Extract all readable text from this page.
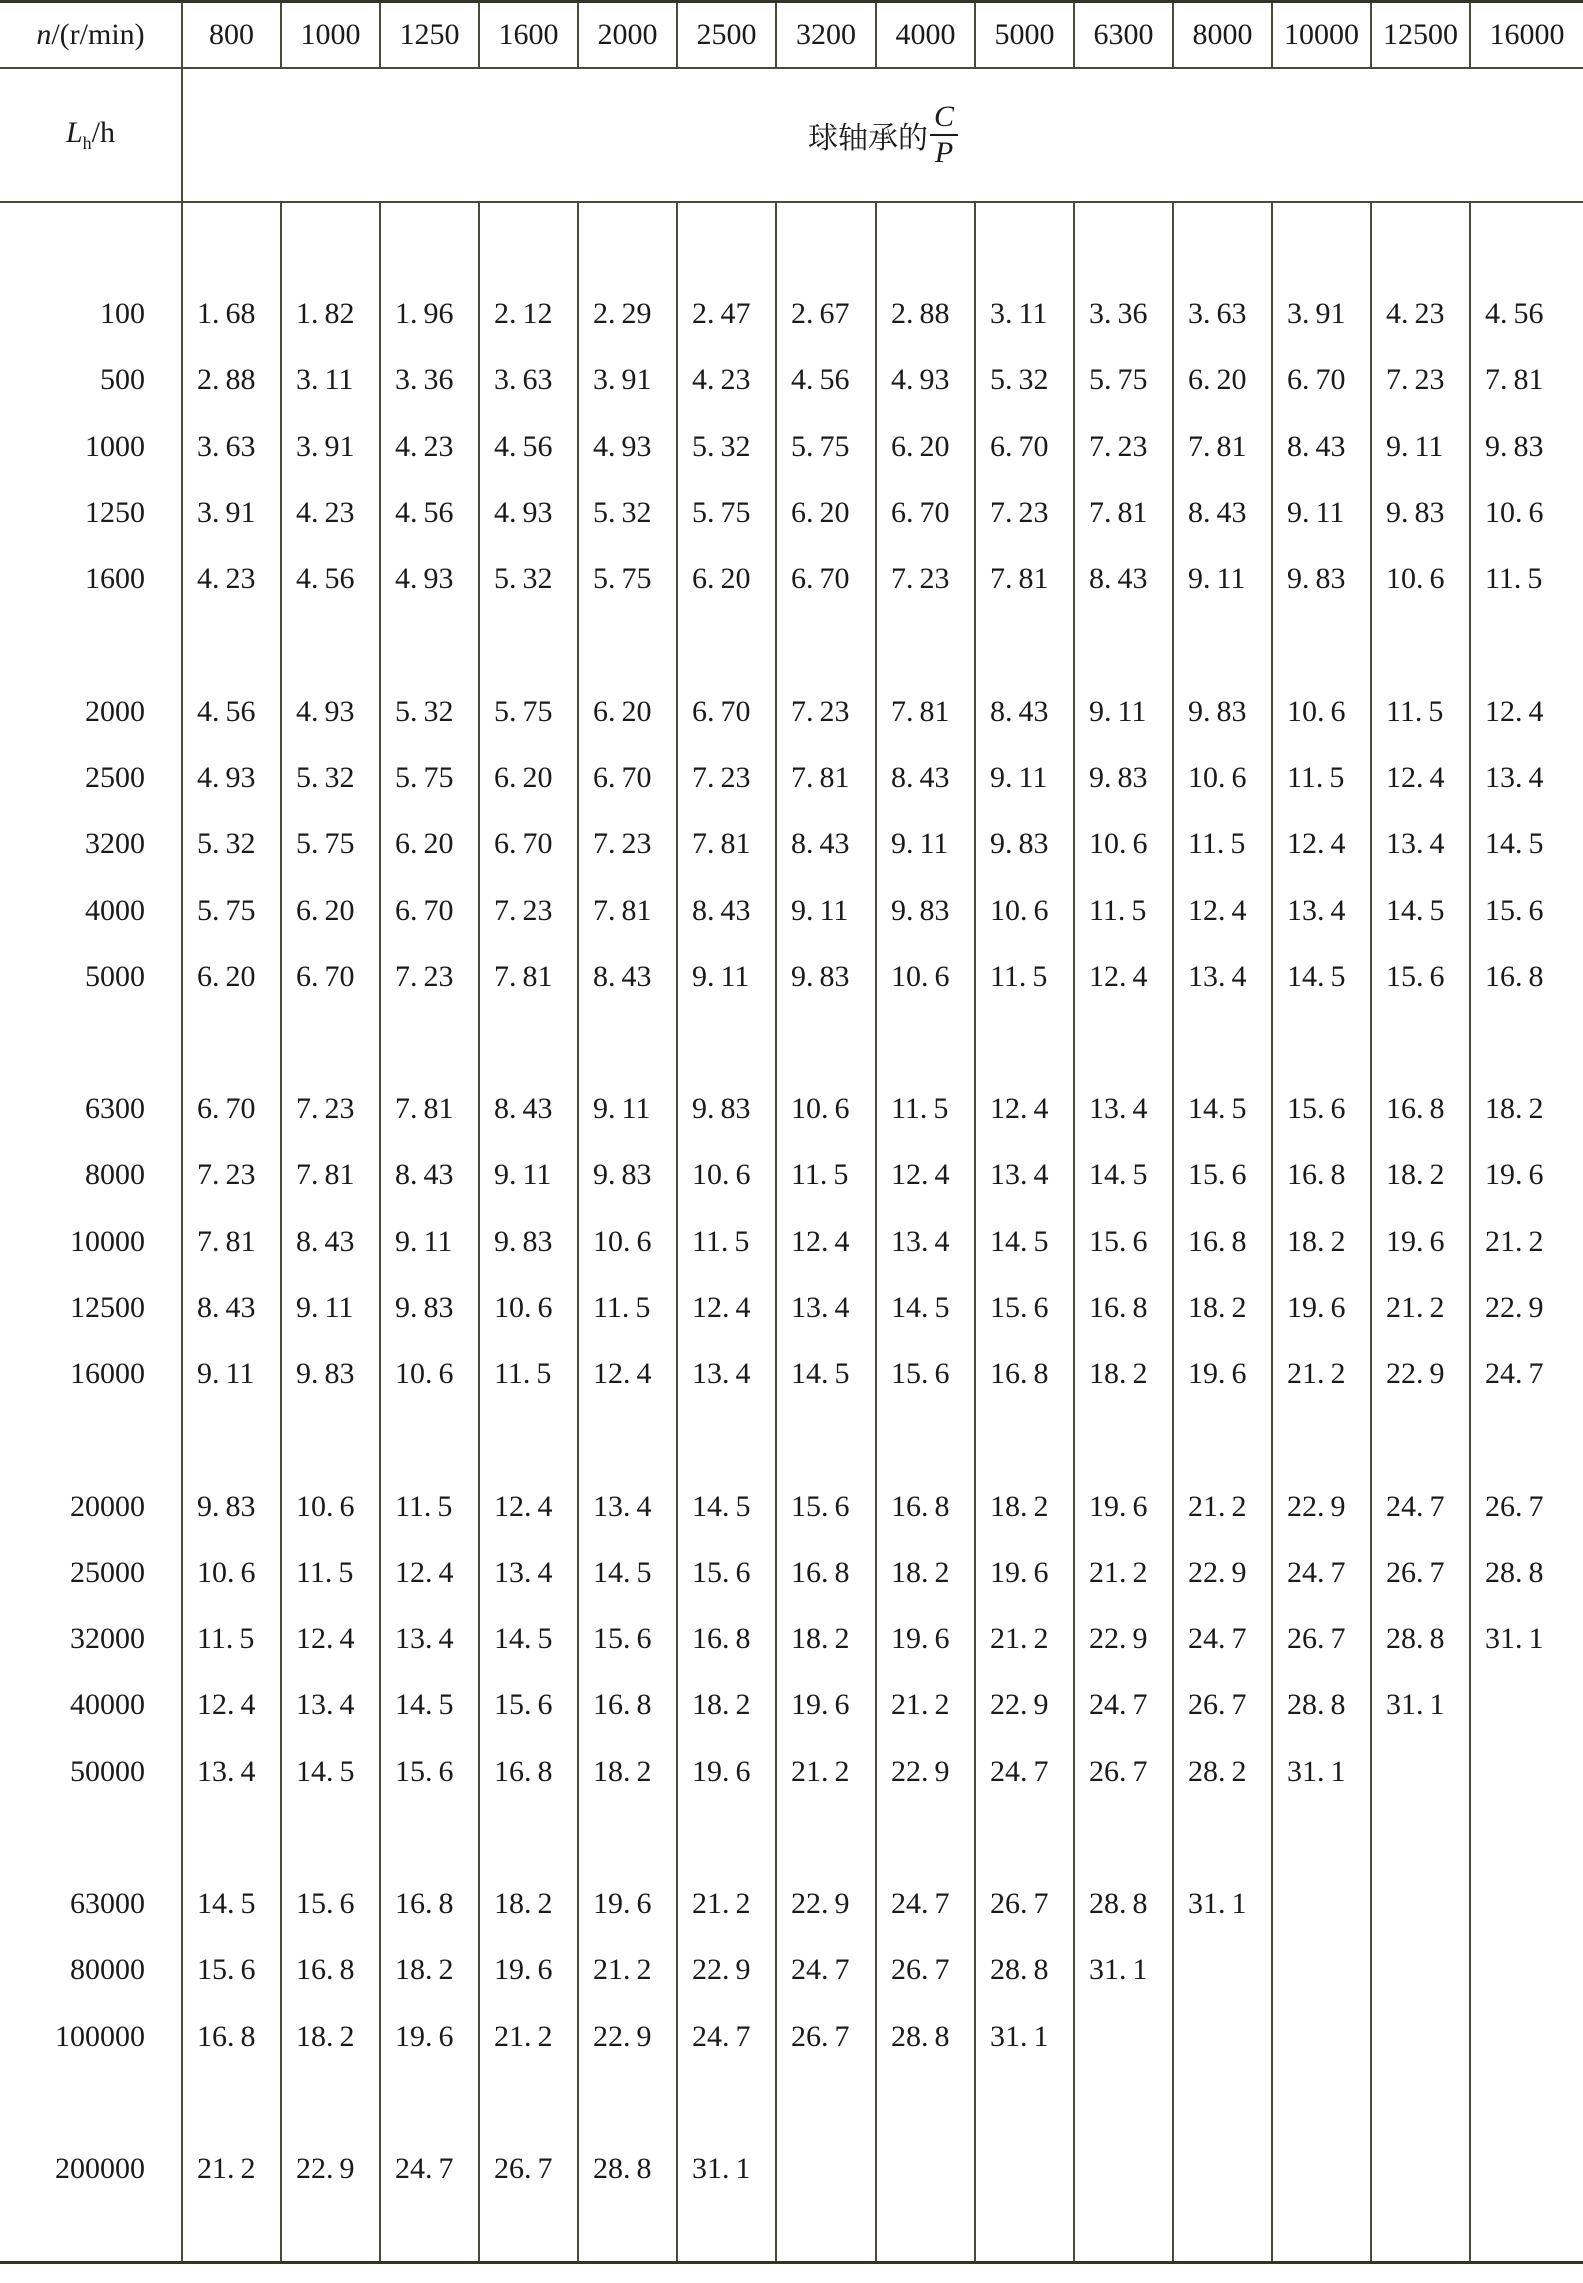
n/(r/min)	800	1000	1250	1600	2000	2500	3200	4000	5000	6300	8000	10000	12500	16000
$L_h/h$	球轴承的 $\frac{C}{P}$

100	1. 68	1. 82	1. 96	2. 12	2. 29	2. 47	2. 67	2. 88	3. 11	3. 36	3. 63	3. 91	4. 23	4. 56
500	2. 88	3. 11	3. 36	3. 63	3. 91	4. 23	4. 56	4. 93	5. 32	5. 75	6. 20	6. 70	7. 23	7. 81
1000	3. 63	3. 91	4. 23	4. 56	4. 93	5. 32	5. 75	6. 20	6. 70	7. 23	7. 81	8. 43	9. 11	9. 83
1250	3. 91	4. 23	4. 56	4. 93	5. 32	5. 75	6. 20	6. 70	7. 23	7. 81	8. 43	9. 11	9. 83	10. 6
1600	4. 23	4. 56	4. 93	5. 32	5. 75	6. 20	6. 70	7. 23	7. 81	8. 43	9. 11	9. 83	10. 6	11. 5

2000	4. 56	4. 93	5. 32	5. 75	6. 20	6. 70	7. 23	7. 81	8. 43	9. 11	9. 83	10. 6	11. 5	12. 4
2500	4. 93	5. 32	5. 75	6. 20	6. 70	7. 23	7. 81	8. 43	9. 11	9. 83	10. 6	11. 5	12. 4	13. 4
3200	5. 32	5. 75	6. 20	6. 70	7. 23	7. 81	8. 43	9. 11	9. 83	10. 6	11. 5	12. 4	13. 4	14. 5
4000	5. 75	6. 20	6. 70	7. 23	7. 81	8. 43	9. 11	9. 83	10. 6	11. 5	12. 4	13. 4	14. 5	15. 6
5000	6. 20	6. 70	7. 23	7. 81	8. 43	9. 11	9. 83	10. 6	11. 5	12. 4	13. 4	14. 5	15. 6	16. 8

6300	6. 70	7. 23	7. 81	8. 43	9. 11	9. 83	10. 6	11. 5	12. 4	13. 4	14. 5	15. 6	16. 8	18. 2
8000	7. 23	7. 81	8. 43	9. 11	9. 83	10. 6	11. 5	12. 4	13. 4	14. 5	15. 6	16. 8	18. 2	19. 6
10000	7. 81	8. 43	9. 11	9. 83	10. 6	11. 5	12. 4	13. 4	14. 5	15. 6	16. 8	18. 2	19. 6	21. 2
12500	8. 43	9. 11	9. 83	10. 6	11. 5	12. 4	13. 4	14. 5	15. 6	16. 8	18. 2	19. 6	21. 2	22. 9
16000	9. 11	9. 83	10. 6	11. 5	12. 4	13. 4	14. 5	15. 6	16. 8	18. 2	19. 6	21. 2	22. 9	24. 7

20000	9. 83	10. 6	11. 5	12. 4	13. 4	14. 5	15. 6	16. 8	18. 2	19. 6	21. 2	22. 9	24. 7	26. 7
25000	10. 6	11. 5	12. 4	13. 4	14. 5	15. 6	16. 8	18. 2	19. 6	21. 2	22. 9	24. 7	26. 7	28. 8
32000	11. 5	12. 4	13. 4	14. 5	15. 6	16. 8	18. 2	19. 6	21. 2	22. 9	24. 7	26. 7	28. 8	31. 1
40000	12. 4	13. 4	14. 5	15. 6	16. 8	18. 2	19. 6	21. 2	22. 9	24. 7	26. 7	28. 8	31. 1	
50000	13. 4	14. 5	15. 6	16. 8	18. 2	19. 6	21. 2	22. 9	24. 7	26. 7	28. 2	31. 1		

63000	14. 5	15. 6	16. 8	18. 2	19. 6	21. 2	22. 9	24. 7	26. 7	28. 8	31. 1			
80000	15. 6	16. 8	18. 2	19. 6	21. 2	22. 9	24. 7	26. 7	28. 8	31. 1				
100000	16. 8	18. 2	19. 6	21. 2	22. 9	24. 7	26. 7	28. 8	31. 1					

200000	21. 2	22. 9	24. 7	26. 7	28. 8	31. 1								
